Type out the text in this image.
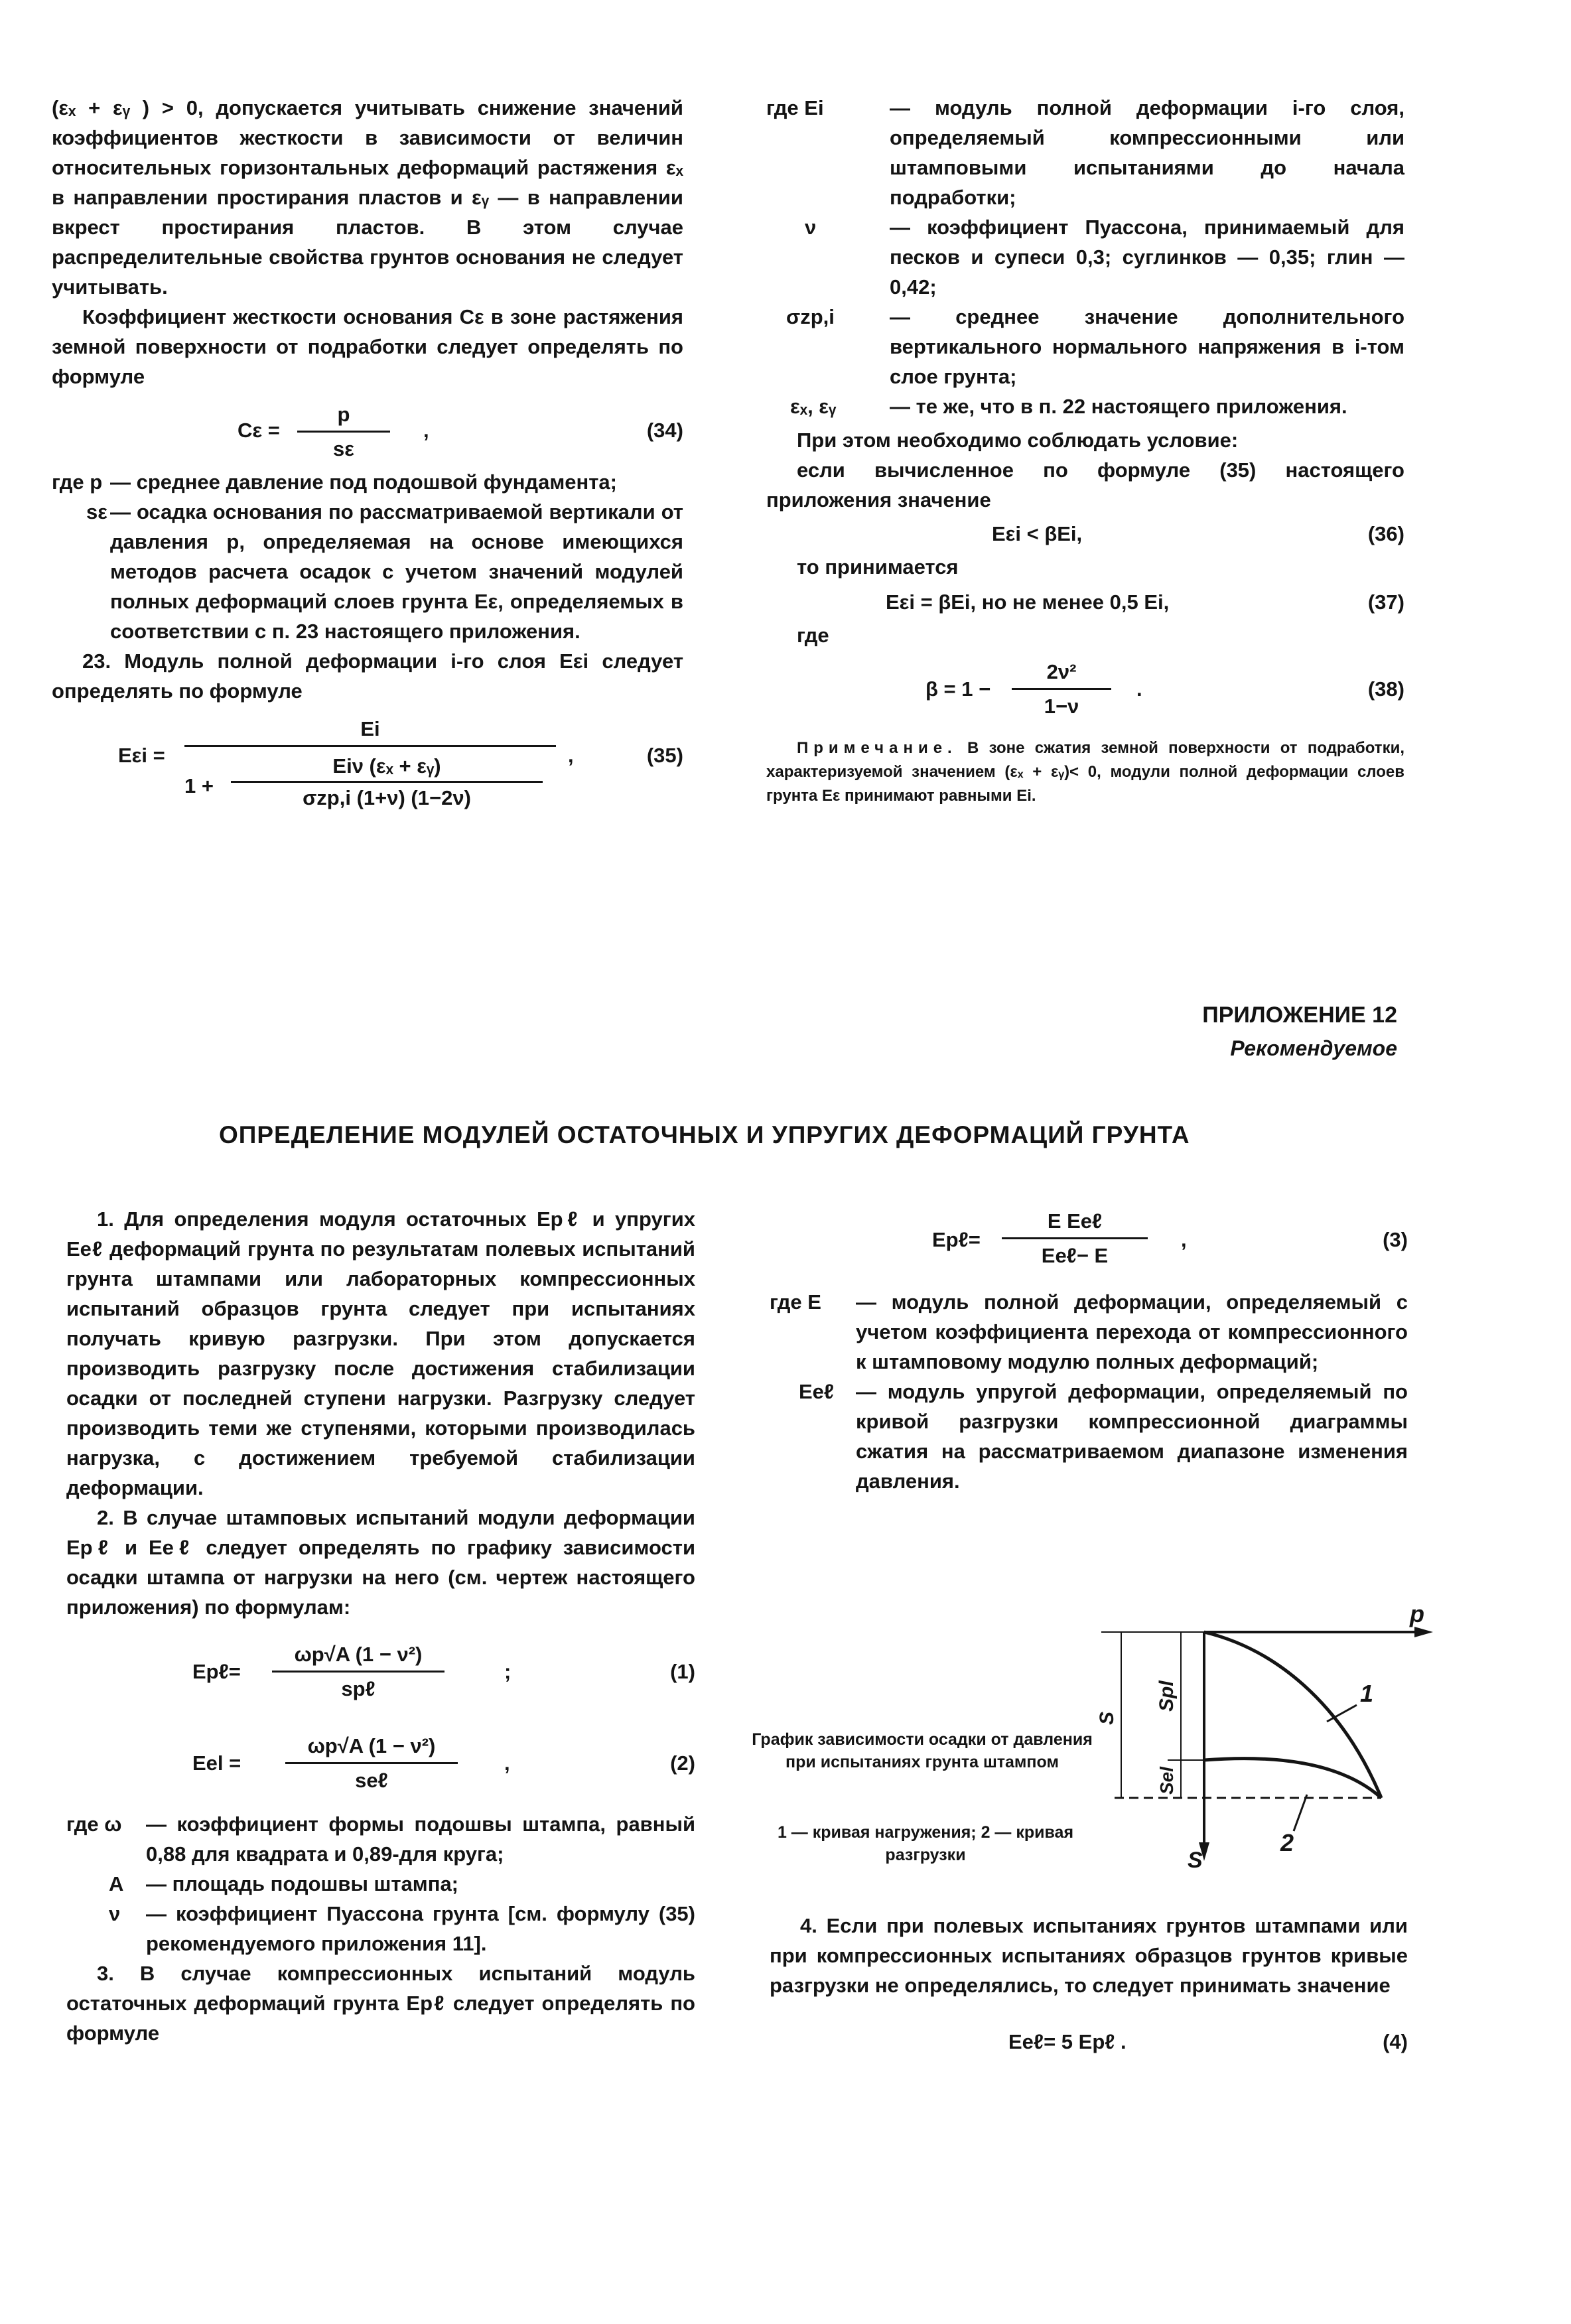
(εₓ + εᵧ ) > 0, допускается учитывать снижение значений коэффициентов жесткости в зависимости от величин относительных горизонтальных деформаций растяжения εₓ в направлении простирания пластов и εᵧ — в направлении вкрест простирания пластов. В этом случае распределительные свойства грунтов основания не следует учитывать.

Коэффициент жесткости основания Cε в зоне растяжения земной поверхности от подработки следует определять по формуле

$C\varepsilon = \frac{p}{s\varepsilon}$ ,	(34)
где p — среднее давление под подошвой фундамента;
sε — осадка основания по рассматриваемой вертикали от давления p, определяемая на основе имеющихся методов расчета осадок с учетом значений модулей полных деформаций слоев грунта Eε, определяемых в соответствии с п. 23 настоящего приложения.

23. Модуль полной деформации i-го слоя Eεi следует определять по формуле

Eεi =
Ei
1 +
Eiν (εₓ + εᵧ)
σzp,i (1+ν) (1−2ν)
,	(35)
где Ei	— модуль полной деформации i-го слоя, определяемый компрессионными или штамповыми испытаниями до начала подработки;
ν	— коэффициент Пуассона, принимаемый для песков и супеси 0,3; суглинков — 0,35; глин — 0,42;
σzp,i	— среднее значение дополнительного вертикального нормального напряжения в i-том слое грунта;
εₓ, εᵧ	— те же, что в п. 22 настоящего приложения.

При этом необходимо соблюдать условие:

если вычисленное по формуле (35) настоящего приложения значение

Eεi < βEi,	(36)

то принимается

Eεi = βEi, но не менее 0,5 Ei,	(37)

где

$\beta = 1 - \frac{\text{2ν²}}{1-\nu}$ .	(38)

Примечание. В зоне сжатия земной поверхности от подработки, характеризуемой значением (εₓ + εᵧ)< 0, модули полной деформации слоев грунта Eε принимают равными Ei.

ПРИЛОЖЕНИЕ 12
Рекомендуемое
ОПРЕДЕЛЕНИЕ МОДУЛЕЙ ОСТАТОЧНЫХ И УПРУГИХ ДЕФОРМАЦИЙ ГРУНТА

1. Для определения модуля остаточных Epℓ и упругих Eeℓ деформаций грунта по результатам полевых испытаний грунта штампами или лабораторных компрессионных испытаний образцов грунта следует при испытаниях получать кривую разгрузки. При этом допускается производить разгрузку после достижения стабилизации осадки от последней ступени нагрузки. Разгрузку следует производить теми же ступенями, которыми производилась нагрузка, с достижением требуемой стабилизации деформации.

2. В случае штамповых испытаний модули деформации Epℓ и Eeℓ следует определять по графику зависимости осадки штампа от нагрузки на него (см. чертеж настоящего приложения) по формулам:

Epℓ=
ωp√A (1 − ν²)
spℓ
;	(1)
Eel =
ωp√A (1 − ν²)
seℓ
,	(2)
где ω	— коэффициент формы подошвы штампа, равный 0,88 для квадрата и 0,89-для круга;
A	— площадь подошвы штампа;
ν	— коэффициент Пуассона грунта [см. формулу (35) рекомендуемого приложения 11].

3. В случае компрессионных испытаний модуль остаточных деформаций грунта Epℓ следует определять по формуле

Epℓ=
E Eeℓ
Eeℓ− E
,	(3)
где E	— модуль полной деформации, определяемый с учетом коэффициента перехода от компрессионного к штамповому модулю полных деформаций;
Eeℓ	— модуль упругой деформации, определяемый по кривой разгрузки компрессионной диаграммы сжатия на рассматриваемом диапазоне изменения давления.

4. Если при полевых испытаниях грунтов штампами или при компрессионных испытаниях образцов грунтов кривые разгрузки не определялись, то следует принимать значение

Eeℓ= 5 Epℓ .	(4)
График зависимости осадки от давления при испытаниях грунта штампом
1 — кривая нагружения; 2 — кривая разгрузки
p
S
S
Spl
Sel
1
2
